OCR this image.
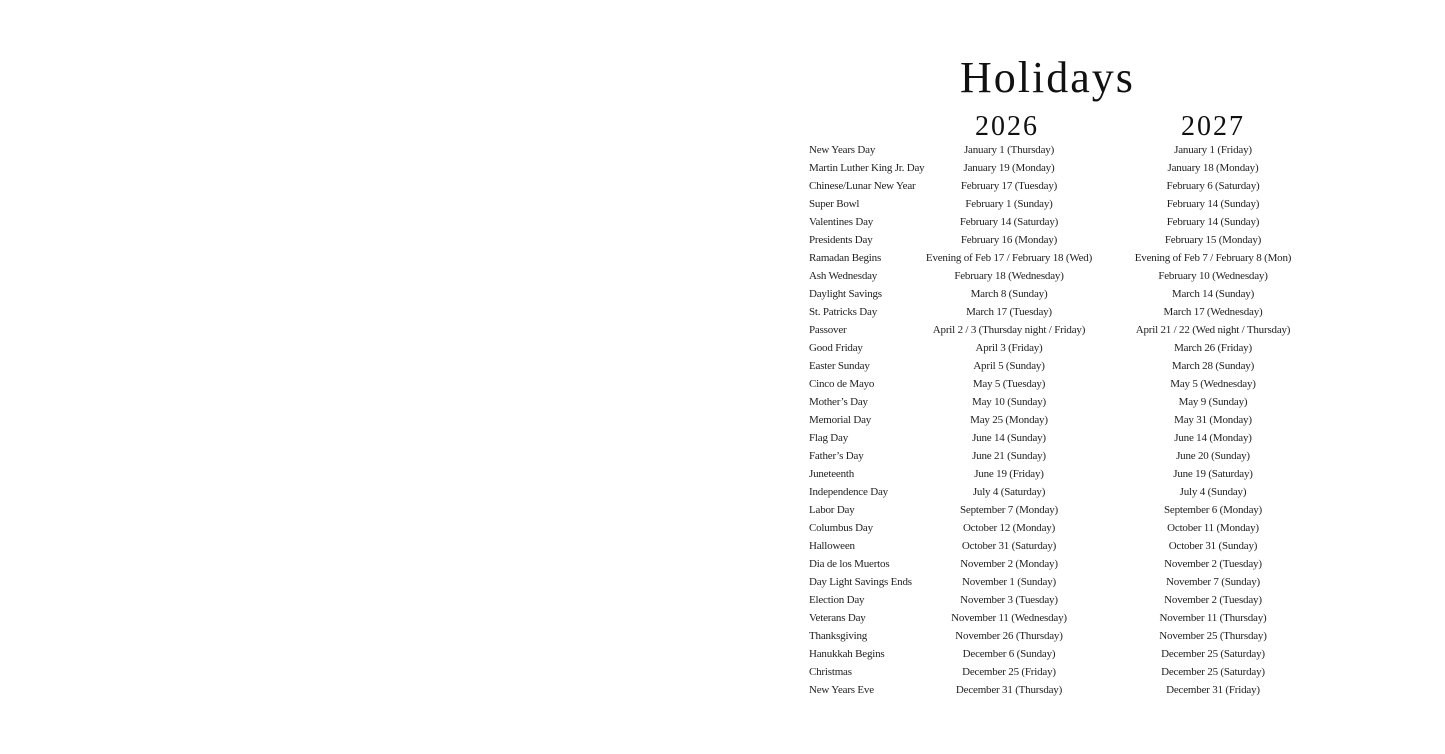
Holidays
2026	2027
New Years Day	January 1 (Thursday)	January 1 (Friday)
Martin Luther King Jr. Day	January 19 (Monday)	January 18 (Monday)
Chinese/Lunar New Year	February 17 (Tuesday)	February 6 (Saturday)
Super Bowl	February 1 (Sunday)	February 14 (Sunday)
Valentines Day	February 14 (Saturday)	February 14 (Sunday)
Presidents Day	February 16 (Monday)	February 15 (Monday)
Ramadan Begins	Evening of Feb 17 / February 18 (Wed)	Evening of Feb 7 / February 8 (Mon)
Ash Wednesday	February 18 (Wednesday)	February 10 (Wednesday)
Daylight Savings	March 8 (Sunday)	March 14 (Sunday)
St. Patricks Day	March 17 (Tuesday)	March 17 (Wednesday)
Passover	April 2 / 3 (Thursday night / Friday)	April 21 / 22 (Wed night / Thursday)
Good Friday	April 3 (Friday)	March 26 (Friday)
Easter Sunday	April 5 (Sunday)	March 28 (Sunday)
Cinco de Mayo	May 5 (Tuesday)	May 5 (Wednesday)
Mother’s Day	May 10 (Sunday)	May 9 (Sunday)
Memorial Day	May 25 (Monday)	May 31 (Monday)
Flag Day	June 14 (Sunday)	June 14 (Monday)
Father’s Day	June 21 (Sunday)	June 20 (Sunday)
Juneteenth	June 19 (Friday)	June 19 (Saturday)
Independence Day	July 4 (Saturday)	July 4 (Sunday)
Labor Day	September 7 (Monday)	September 6 (Monday)
Columbus Day	October 12 (Monday)	October 11 (Monday)
Halloween	October 31 (Saturday)	October 31 (Sunday)
Dia de los Muertos	November 2 (Monday)	November 2 (Tuesday)
Day Light Savings Ends	November 1 (Sunday)	November 7 (Sunday)
Election Day	November 3 (Tuesday)	November 2 (Tuesday)
Veterans Day	November 11 (Wednesday)	November 11 (Thursday)
Thanksgiving	November 26 (Thursday)	November 25 (Thursday)
Hanukkah Begins	December 6 (Sunday)	December 25 (Saturday)
Christmas	December 25 (Friday)	December 25 (Saturday)
New Years Eve	December 31 (Thursday)	December 31 (Friday)
